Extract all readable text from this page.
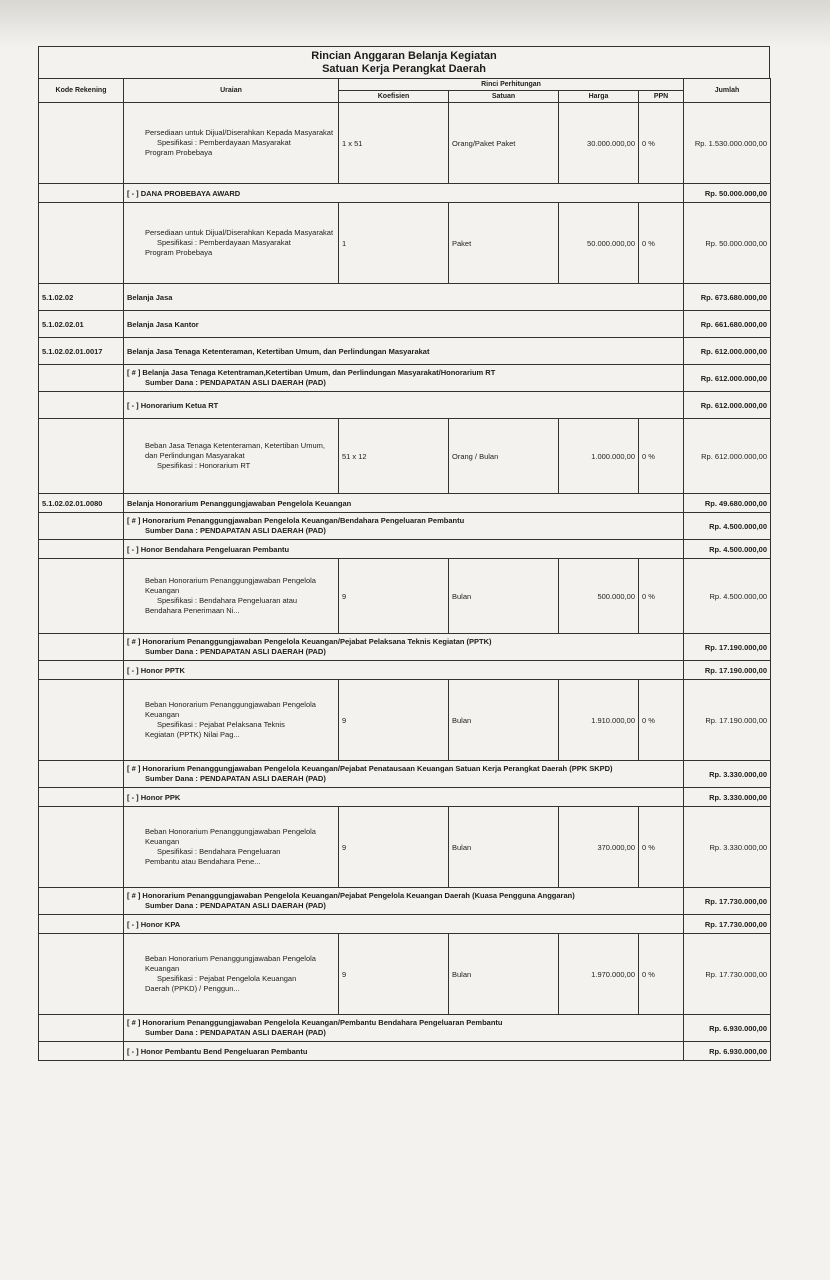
Rincian Anggaran Belanja Kegiatan
Satuan Kerja Perangkat Daerah
Kode Rekening	Uraian	Rinci Perhitungan				Jumlah
		Koefisien	Satuan	Harga	PPN	

	Persediaan untuk Dijual/Diserahkan Kepada Masyarakat
Spesifikasi : Pemberdayaan Masyarakat
Program Probebaya	1 x 51	Orang/Paket Paket	30.000.000,00	0 %	Rp. 1.530.000.000,00
	[ - ] DANA PROBEBAYA AWARD					Rp. 50.000.000,00

	Persediaan untuk Dijual/Diserahkan Kepada Masyarakat
Spesifikasi : Pemberdayaan Masyarakat
Program Probebaya	1	Paket	50.000.000,00	0 %	Rp. 50.000.000,00
5.1.02.02	Belanja Jasa					Rp. 673.680.000,00
5.1.02.02.01	Belanja Jasa Kantor					Rp. 661.680.000,00
5.1.02.02.01.0017	Belanja Jasa Tenaga Ketenteraman, Ketertiban Umum, dan Perlindungan Masyarakat					Rp. 612.000.000,00

	[ # ] Belanja Jasa Tenaga Ketentraman,Ketertiban Umum, dan Perlindungan Masyarakat/Honorarium RT
Sumber Dana : PENDAPATAN ASLI DAERAH (PAD)					Rp. 612.000.000,00
	[ - ] Honorarium Ketua RT					Rp. 612.000.000,00

	Beban Jasa Tenaga Ketenteraman, Ketertiban Umum, dan Perlindungan Masyarakat
Spesifikasi : Honorarium RT	51 x 12	Orang / Bulan	1.000.000,00	0 %	Rp. 612.000.000,00
5.1.02.02.01.0080	Belanja Honorarium Penanggungjawaban Pengelola Keuangan					Rp. 49.680.000,00

	[ # ] Honorarium Penanggungjawaban Pengelola Keuangan/Bendahara Pengeluaran Pembantu
Sumber Dana : PENDAPATAN ASLI DAERAH (PAD)					Rp. 4.500.000,00
	[ - ] Honor Bendahara Pengeluaran Pembantu					Rp. 4.500.000,00

	Beban Honorarium Penanggungjawaban Pengelola Keuangan
Spesifikasi : Bendahara Pengeluaran atau
Bendahara Penerimaan Ni...	9	Bulan	500.000,00	0 %	Rp. 4.500.000,00

	[ # ] Honorarium Penanggungjawaban Pengelola Keuangan/Pejabat Pelaksana Teknis Kegiatan (PPTK)
Sumber Dana : PENDAPATAN ASLI DAERAH (PAD)					Rp. 17.190.000,00
	[ - ] Honor PPTK					Rp. 17.190.000,00

	Beban Honorarium Penanggungjawaban Pengelola Keuangan
Spesifikasi : Pejabat Pelaksana Teknis
Kegiatan (PPTK) Nilai Pag...	9	Bulan	1.910.000,00	0 %	Rp. 17.190.000,00

	[ # ] Honorarium Penanggungjawaban Pengelola Keuangan/Pejabat Penatausaan Keuangan Satuan Kerja Perangkat Daerah (PPK SKPD)
Sumber Dana : PENDAPATAN ASLI DAERAH (PAD)					Rp. 3.330.000,00
	[ - ] Honor PPK					Rp. 3.330.000,00

	Beban Honorarium Penanggungjawaban Pengelola Keuangan
Spesifikasi : Bendahara Pengeluaran
Pembantu atau Bendahara Pene...	9	Bulan	370.000,00	0 %	Rp. 3.330.000,00

	[ # ] Honorarium Penanggungjawaban Pengelola Keuangan/Pejabat Pengelola Keuangan Daerah (Kuasa Pengguna Anggaran)
Sumber Dana : PENDAPATAN ASLI DAERAH (PAD)					Rp. 17.730.000,00
	[ - ] Honor KPA					Rp. 17.730.000,00

	Beban Honorarium Penanggungjawaban Pengelola Keuangan
Spesifikasi : Pejabat Pengelola Keuangan
Daerah (PPKD) / Penggun...	9	Bulan	1.970.000,00	0 %	Rp. 17.730.000,00

	[ # ] Honorarium Penanggungjawaban Pengelola Keuangan/Pembantu Bendahara Pengeluaran Pembantu
Sumber Dana : PENDAPATAN ASLI DAERAH (PAD)					Rp. 6.930.000,00
	[ - ] Honor Pembantu Bend Pengeluaran Pembantu					Rp. 6.930.000,00
